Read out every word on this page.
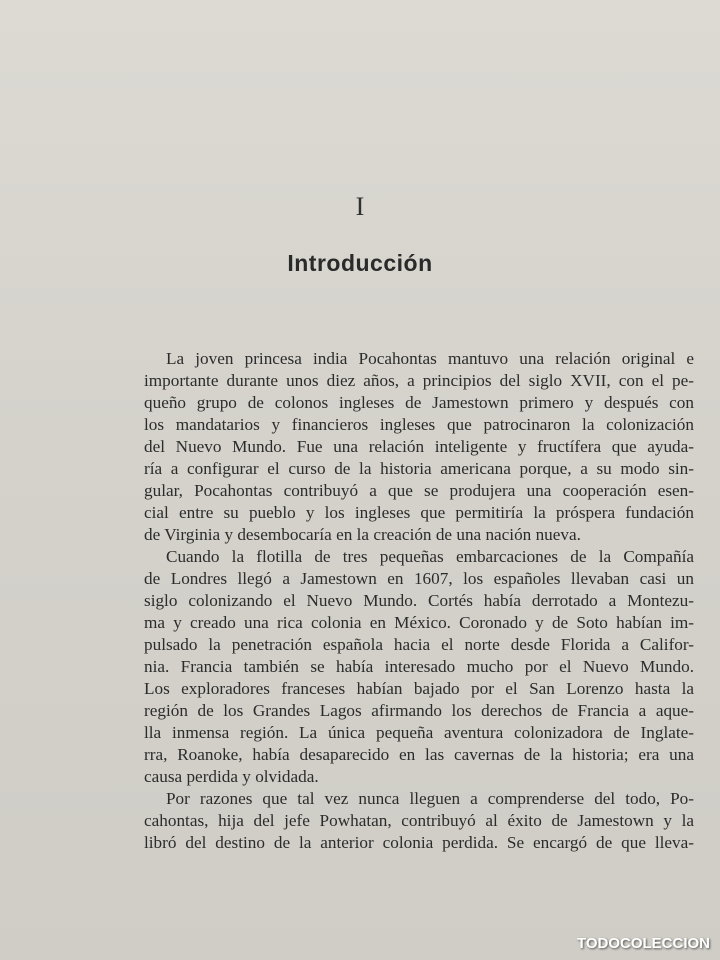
I
Introducción
La joven princesa india Pocahontas mantuvo una relación original e
importante durante unos diez años, a principios del siglo XVII, con el pe-
queño grupo de colonos ingleses de Jamestown primero y después con
los mandatarios y financieros ingleses que patrocinaron la colonización
del Nuevo Mundo. Fue una relación inteligente y fructífera que ayuda-
ría a configurar el curso de la historia americana porque, a su modo sin-
gular, Pocahontas contribuyó a que se produjera una cooperación esen-
cial entre su pueblo y los ingleses que permitiría la próspera fundación
de Virginia y desembocaría en la creación de una nación nueva.
Cuando la flotilla de tres pequeñas embarcaciones de la Compañía
de Londres llegó a Jamestown en 1607, los españoles llevaban casi un
siglo colonizando el Nuevo Mundo. Cortés había derrotado a Montezu-
ma y creado una rica colonia en México. Coronado y de Soto habían im-
pulsado la penetración española hacia el norte desde Florida a Califor-
nia. Francia también se había interesado mucho por el Nuevo Mundo.
Los exploradores franceses habían bajado por el San Lorenzo hasta la
región de los Grandes Lagos afirmando los derechos de Francia a aque-
lla inmensa región. La única pequeña aventura colonizadora de Inglate-
rra, Roanoke, había desaparecido en las cavernas de la historia; era una
causa perdida y olvidada.
Por razones que tal vez nunca lleguen a comprenderse del todo, Po-
cahontas, hija del jefe Powhatan, contribuyó al éxito de Jamestown y la
libró del destino de la anterior colonia perdida. Se encargó de que lleva-
TODOCOLECCION
